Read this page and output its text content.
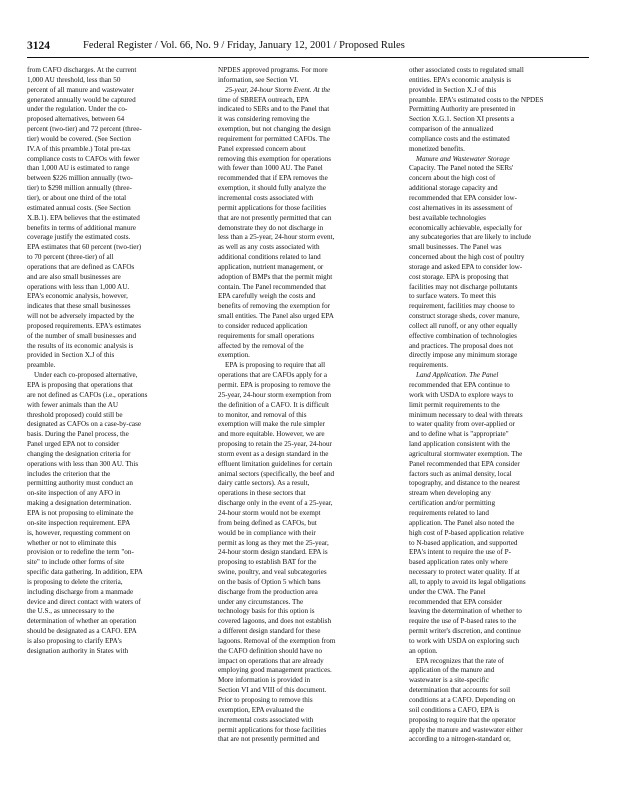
3124	Federal Register / Vol. 66, No. 9 / Friday, January 12, 2001 / Proposed Rules
from CAFO discharges. At the current
1,000 AU threshold, less than 50
percent of all manure and wastewater
generated annually would be captured
under the regulation. Under the co-
proposed alternatives, between 64
percent (two-tier) and 72 percent (three-
tier) would be covered. (See Section
IV.A of this preamble.) Total pre-tax
compliance costs to CAFOs with fewer
than 1,000 AU is estimated to range
between $226 million annually (two-
tier) to $298 million annually (three-
tier), or about one third of the total
estimated annual costs. (See Section
X.B.1). EPA believes that the estimated
benefits in terms of additional manure
coverage justify the estimated costs.
EPA estimates that 60 percent (two-tier)
to 70 percent (three-tier) of all
operations that are defined as CAFOs
and are also small businesses are
operations with less than 1,000 AU.
EPA's economic analysis, however,
indicates that these small businesses
will not be adversely impacted by the
proposed requirements. EPA's estimates
of the number of small businesses and
the results of its economic analysis is
provided in Section X.J of this
preamble.
Under each co-proposed alternative,
EPA is proposing that operations that
are not defined as CAFOs (i.e., operations
with fewer animals than the AU
threshold proposed) could still be
designated as CAFOs on a case-by-case
basis. During the Panel process, the
Panel urged EPA not to consider
changing the designation criteria for
operations with less than 300 AU. This
includes the criterion that the
permitting authority must conduct an
on-site inspection of any AFO in
making a designation determination.
EPA is not proposing to eliminate the
on-site inspection requirement. EPA
is, however, requesting comment on
whether or not to eliminate this
provision or to redefine the term "on-
site" to include other forms of site
specific data gathering. In addition, EPA
is proposing to delete the criteria,
including discharge from a manmade
device and direct contact with waters of
the U.S., as unnecessary to the
determination of whether an operation
should be designated as a CAFO. EPA
is also proposing to clarify EPA's
designation authority in States with
NPDES approved programs. For more
information, see Section VI.
25-year, 24-hour Storm Event. At the
time of SBREFA outreach, EPA
indicated to SERs and to the Panel that
it was considering removing the
exemption, but not changing the design
requirement for permitted CAFOs. The
Panel expressed concern about
removing this exemption for operations
with fewer than 1000 AU. The Panel
recommended that if EPA removes the
exemption, it should fully analyze the
incremental costs associated with
permit applications for those facilities
that are not presently permitted that can
demonstrate they do not discharge in
less than a 25-year, 24-hour storm event,
as well as any costs associated with
additional conditions related to land
application, nutrient management, or
adoption of BMPs that the permit might
contain. The Panel recommended that
EPA carefully weigh the costs and
benefits of removing the exemption for
small entities. The Panel also urged EPA
to consider reduced application
requirements for small operations
affected by the removal of the
exemption.
EPA is proposing to require that all
operations that are CAFOs apply for a
permit. EPA is proposing to remove the
25-year, 24-hour storm exemption from
the definition of a CAFO. It is difficult
to monitor, and removal of this
exemption will make the rule simpler
and more equitable. However, we are
proposing to retain the 25-year, 24-hour
storm event as a design standard in the
effluent limitation guidelines for certain
animal sectors (specifically, the beef and
dairy cattle sectors). As a result,
operations in these sectors that
discharge only in the event of a 25-year,
24-hour storm would not be exempt
from being defined as CAFOs, but
would be in compliance with their
permit as long as they met the 25-year,
24-hour storm design standard. EPA is
proposing to establish BAT for the
swine, poultry, and veal subcategories
on the basis of Option 5 which bans
discharge from the production area
under any circumstances. The
technology basis for this option is
covered lagoons, and does not establish
a different design standard for these
lagoons. Removal of the exemption from
the CAFO definition should have no
impact on operations that are already
employing good management practices.
More information is provided in
Section VI and VIII of this document.
Prior to proposing to remove this
exemption, EPA evaluated the
incremental costs associated with
permit applications for those facilities
that are not presently permitted and
other associated costs to regulated small
entities. EPA's economic analysis is
provided in Section X.J of this
preamble. EPA's estimated costs to the NPDES
Permitting Authority are presented in
Section X.G.1. Section XI presents a
comparison of the annualized
compliance costs and the estimated
monetized benefits.
Manure and Wastewater Storage
Capacity. The Panel noted the SERs'
concern about the high cost of
additional storage capacity and
recommended that EPA consider low-
cost alternatives in its assessment of
best available technologies
economically achievable, especially for
any subcategories that are likely to include
small businesses. The Panel was
concerned about the high cost of poultry
storage and asked EPA to consider low-
cost storage. EPA is proposing that
facilities may not discharge pollutants
to surface waters. To meet this
requirement, facilities may choose to
construct storage sheds, cover manure,
collect all runoff, or any other equally
effective combination of technologies
and practices. The proposal does not
directly impose any minimum storage
requirements.
Land Application. The Panel
recommended that EPA continue to
work with USDA to explore ways to
limit permit requirements to the
minimum necessary to deal with threats
to water quality from over-applied or
and to define what is "appropriate"
land application consistent with the
agricultural stormwater exemption. The
Panel recommended that EPA consider
factors such as animal density, local
topography, and distance to the nearest
stream when developing any
certification and/or permitting
requirements related to land
application. The Panel also noted the
high cost of P-based application relative
to N-based application, and supported
EPA's intent to require the use of P-
based application rates only where
necessary to protect water quality. If at
all, to apply to avoid its legal obligations
under the CWA. The Panel
recommended that EPA consider
leaving the determination of whether to
require the use of P-based rates to the
permit writer's discretion, and continue
to work with USDA on exploring such
an option.
EPA recognizes that the rate of
application of the manure and
wastewater is a site-specific
determination that accounts for soil
conditions at a CAFO. Depending on
soil conditions a CAFO, EPA is
proposing to require that the operator
apply the manure and wastewater either
according to a nitrogen-standard or,
